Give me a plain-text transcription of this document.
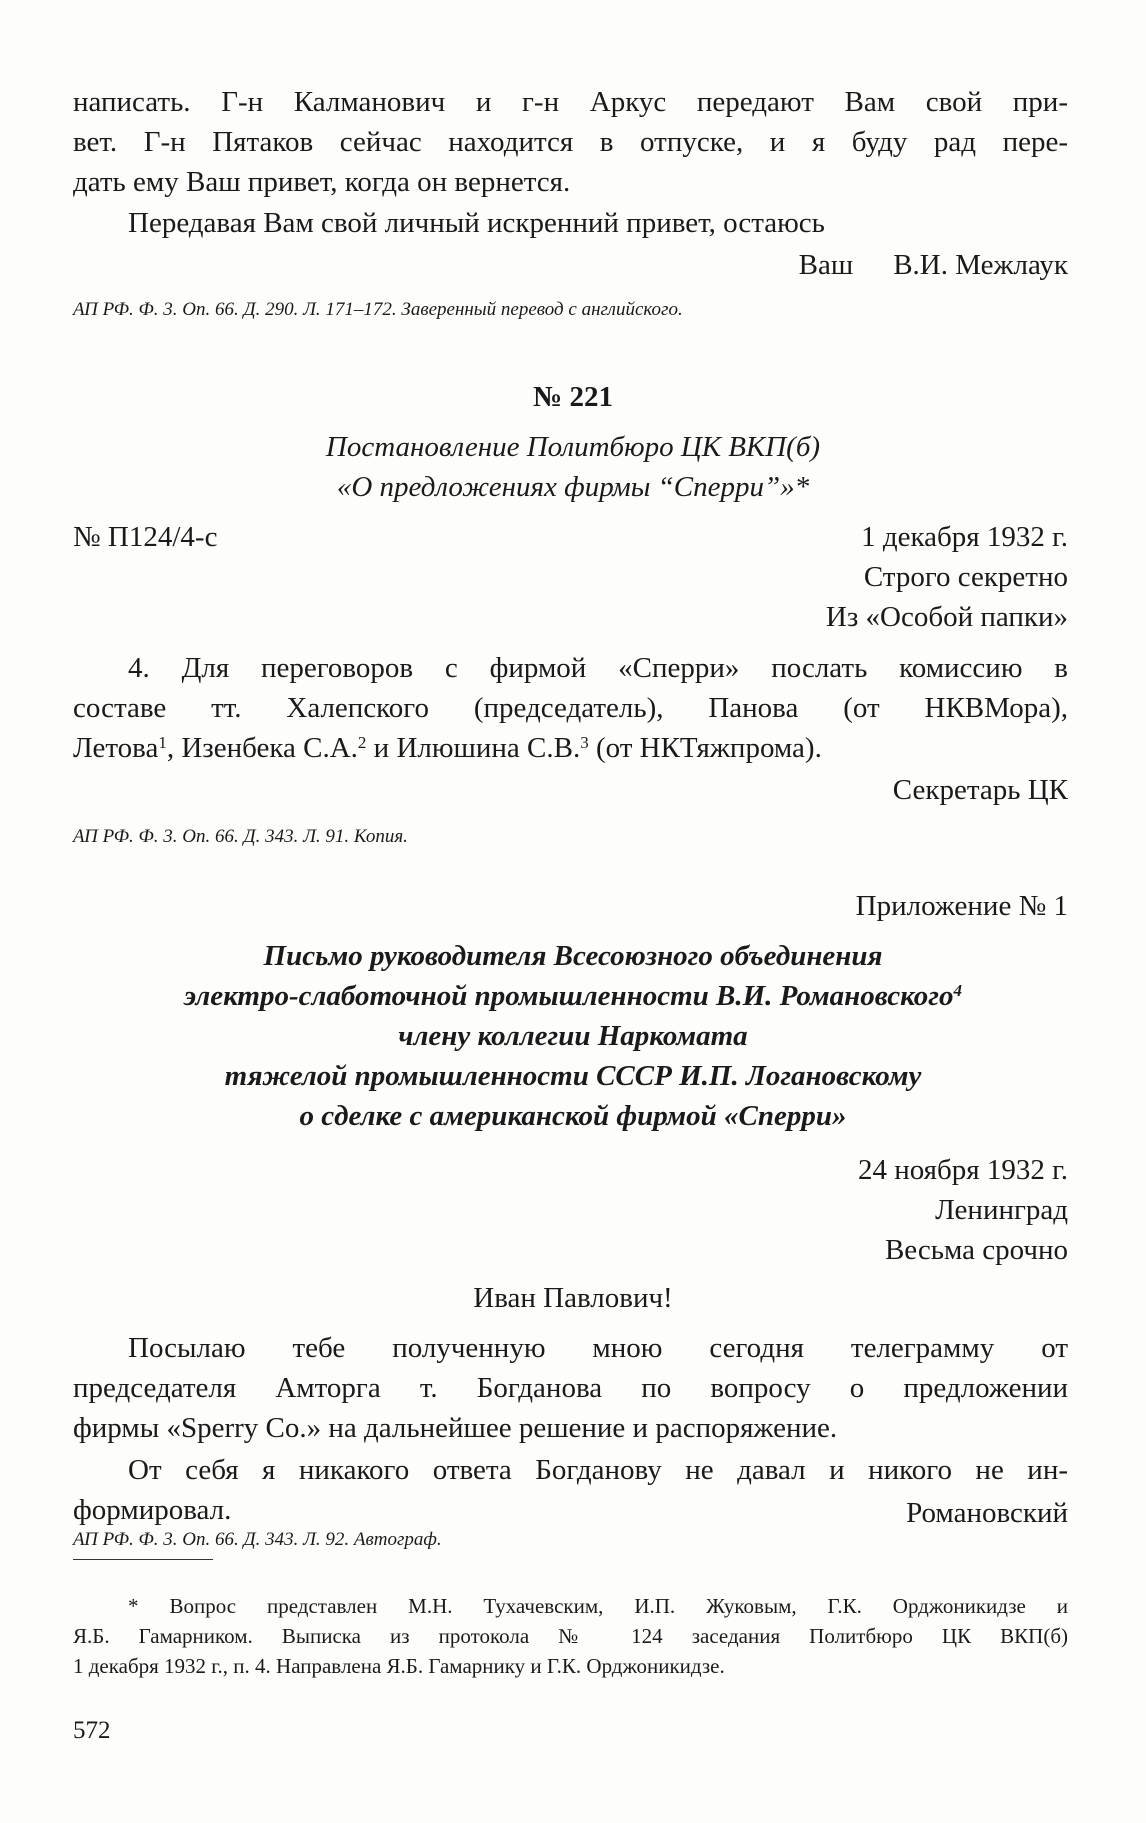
написать. Г-н Калманович и г-н Аркус передают Вам свой при-
вет. Г-н Пятаков сейчас находится в отпуске, и я буду рад пере-
дать ему Ваш привет, когда он вернется.
Передавая Вам свой личный искренний привет, остаюсь
Ваш В.И. Межлаук
АП РФ. Ф. 3. Оп. 66. Д. 290. Л. 171–172. Заверенный перевод с английского.
№ 221
Постановление Политбюро ЦК ВКП(б)
«О предложениях фирмы “Сперри”»*
№ П124/4-с	1 декабря 1932 г.
Строго секретно
Из «Особой папки»
4. Для переговоров с фирмой «Сперри» послать комиссию в
составе тт. Халепского (председатель), Панова (от НКВМора),
Летова$^1$, Изенбека С.А.$^2$ и Илюшина С.В.$^3$ (от НКТяжпрома).
Секретарь ЦК
АП РФ. Ф. 3. Оп. 66. Д. 343. Л. 91. Копия.
Приложение № 1
Письмо руководителя Всесоюзного объединения
электро-слаботочной промышленности В.И. Романовского$^4$
члену коллегии Наркомата
тяжелой промышленности СССР И.П. Логановскому
о сделке с американской фирмой «Сперри»
24 ноября 1932 г.
Ленинград
Весьма срочно
Иван Павлович!
Посылаю тебе полученную мною сегодня телеграмму от
председателя Амторга т. Богданова по вопросу о предложении
фирмы «Sperry Co.» на дальнейшее решение и распоряжение.
От себя я никакого ответа Богданову не давал и никого не ин-
формировал.	Романовский
АП РФ. Ф. 3. Оп. 66. Д. 343. Л. 92. Автограф.
* Вопрос представлен М.Н. Тухачевским, И.П. Жуковым, Г.К. Орджоникидзе и
Я.Б. Гамарником. Выписка из протокола № 124 заседания Политбюро ЦК ВКП(б)
1 декабря 1932 г., п. 4. Направлена Я.Б. Гамарнику и Г.К. Орджоникидзе.
572
